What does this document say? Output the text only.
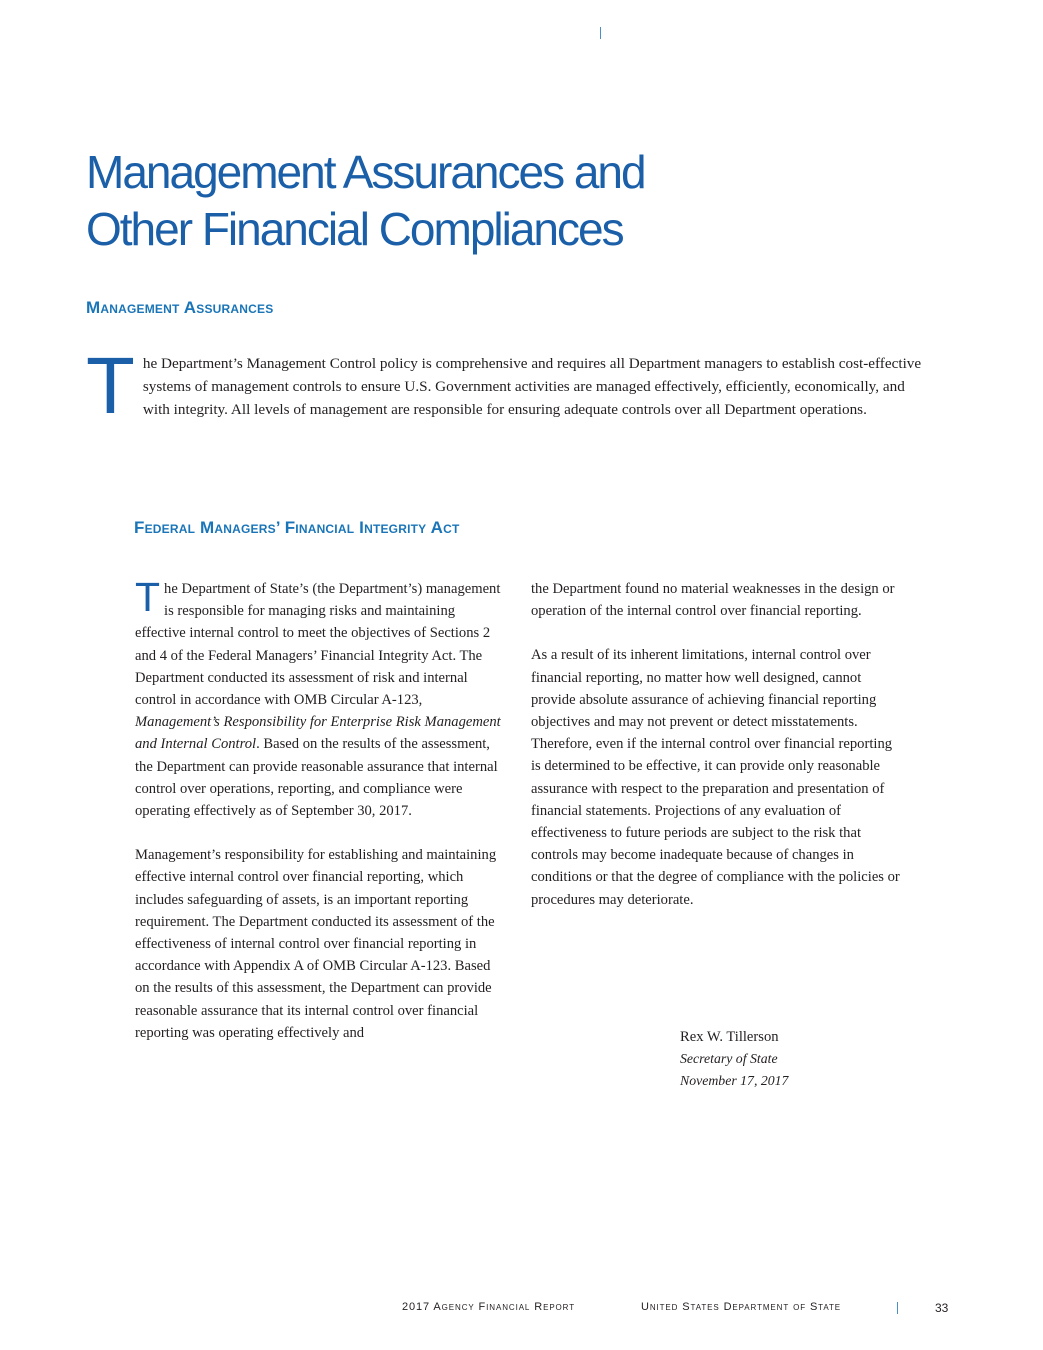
Management Assurances and
Other Financial Compliances
Management Assurances

The Department’s Management Control policy is comprehensive and requires all Department managers to establish cost-effective systems of management controls to ensure U.S. Government activities are managed effectively, efficiently, economically, and with integrity. All levels of management are responsible for ensuring adequate controls over all Department operations.

Federal Managers’ Financial Integrity Act

The Department of State’s (the Department’s) management is responsible for managing risks and maintaining effective internal control to meet the objectives of Sections 2 and 4 of the Federal Managers’ Financial Integrity Act. The Department conducted its assessment of risk and internal control in accordance with OMB Circular A-123, Management’s Responsibility for Enterprise Risk Management and Internal Control. Based on the results of the assessment, the Department can provide reasonable assurance that internal control over operations, reporting, and compliance were operating effectively as of September 30, 2017.

Management’s responsibility for establishing and maintaining effective internal control over financial reporting, which includes safeguarding of assets, is an important reporting requirement. The Department conducted its assessment of the effectiveness of internal control over financial reporting in accordance with Appendix A of OMB Circular A-123. Based on the results of this assessment, the Department can provide reasonable assurance that its internal control over financial reporting was operating effectively and

the Department found no material weaknesses in the design or operation of the internal control over financial reporting.

As a result of its inherent limitations, internal control over financial reporting, no matter how well designed, cannot provide absolute assurance of achieving financial reporting objectives and may not prevent or detect misstatements. Therefore, even if the internal control over financial reporting is determined to be effective, it can provide only reasonable assurance with respect to the preparation and presentation of financial statements. Projections of any evaluation of effectiveness to future periods are subject to the risk that controls may become inadequate because of changes in conditions or that the degree of compliance with the policies or procedures may deteriorate.

Rex W. Tillerson
Secretary of State
November 17, 2017
2017 Agency Financial Report	United States Department of State	33
